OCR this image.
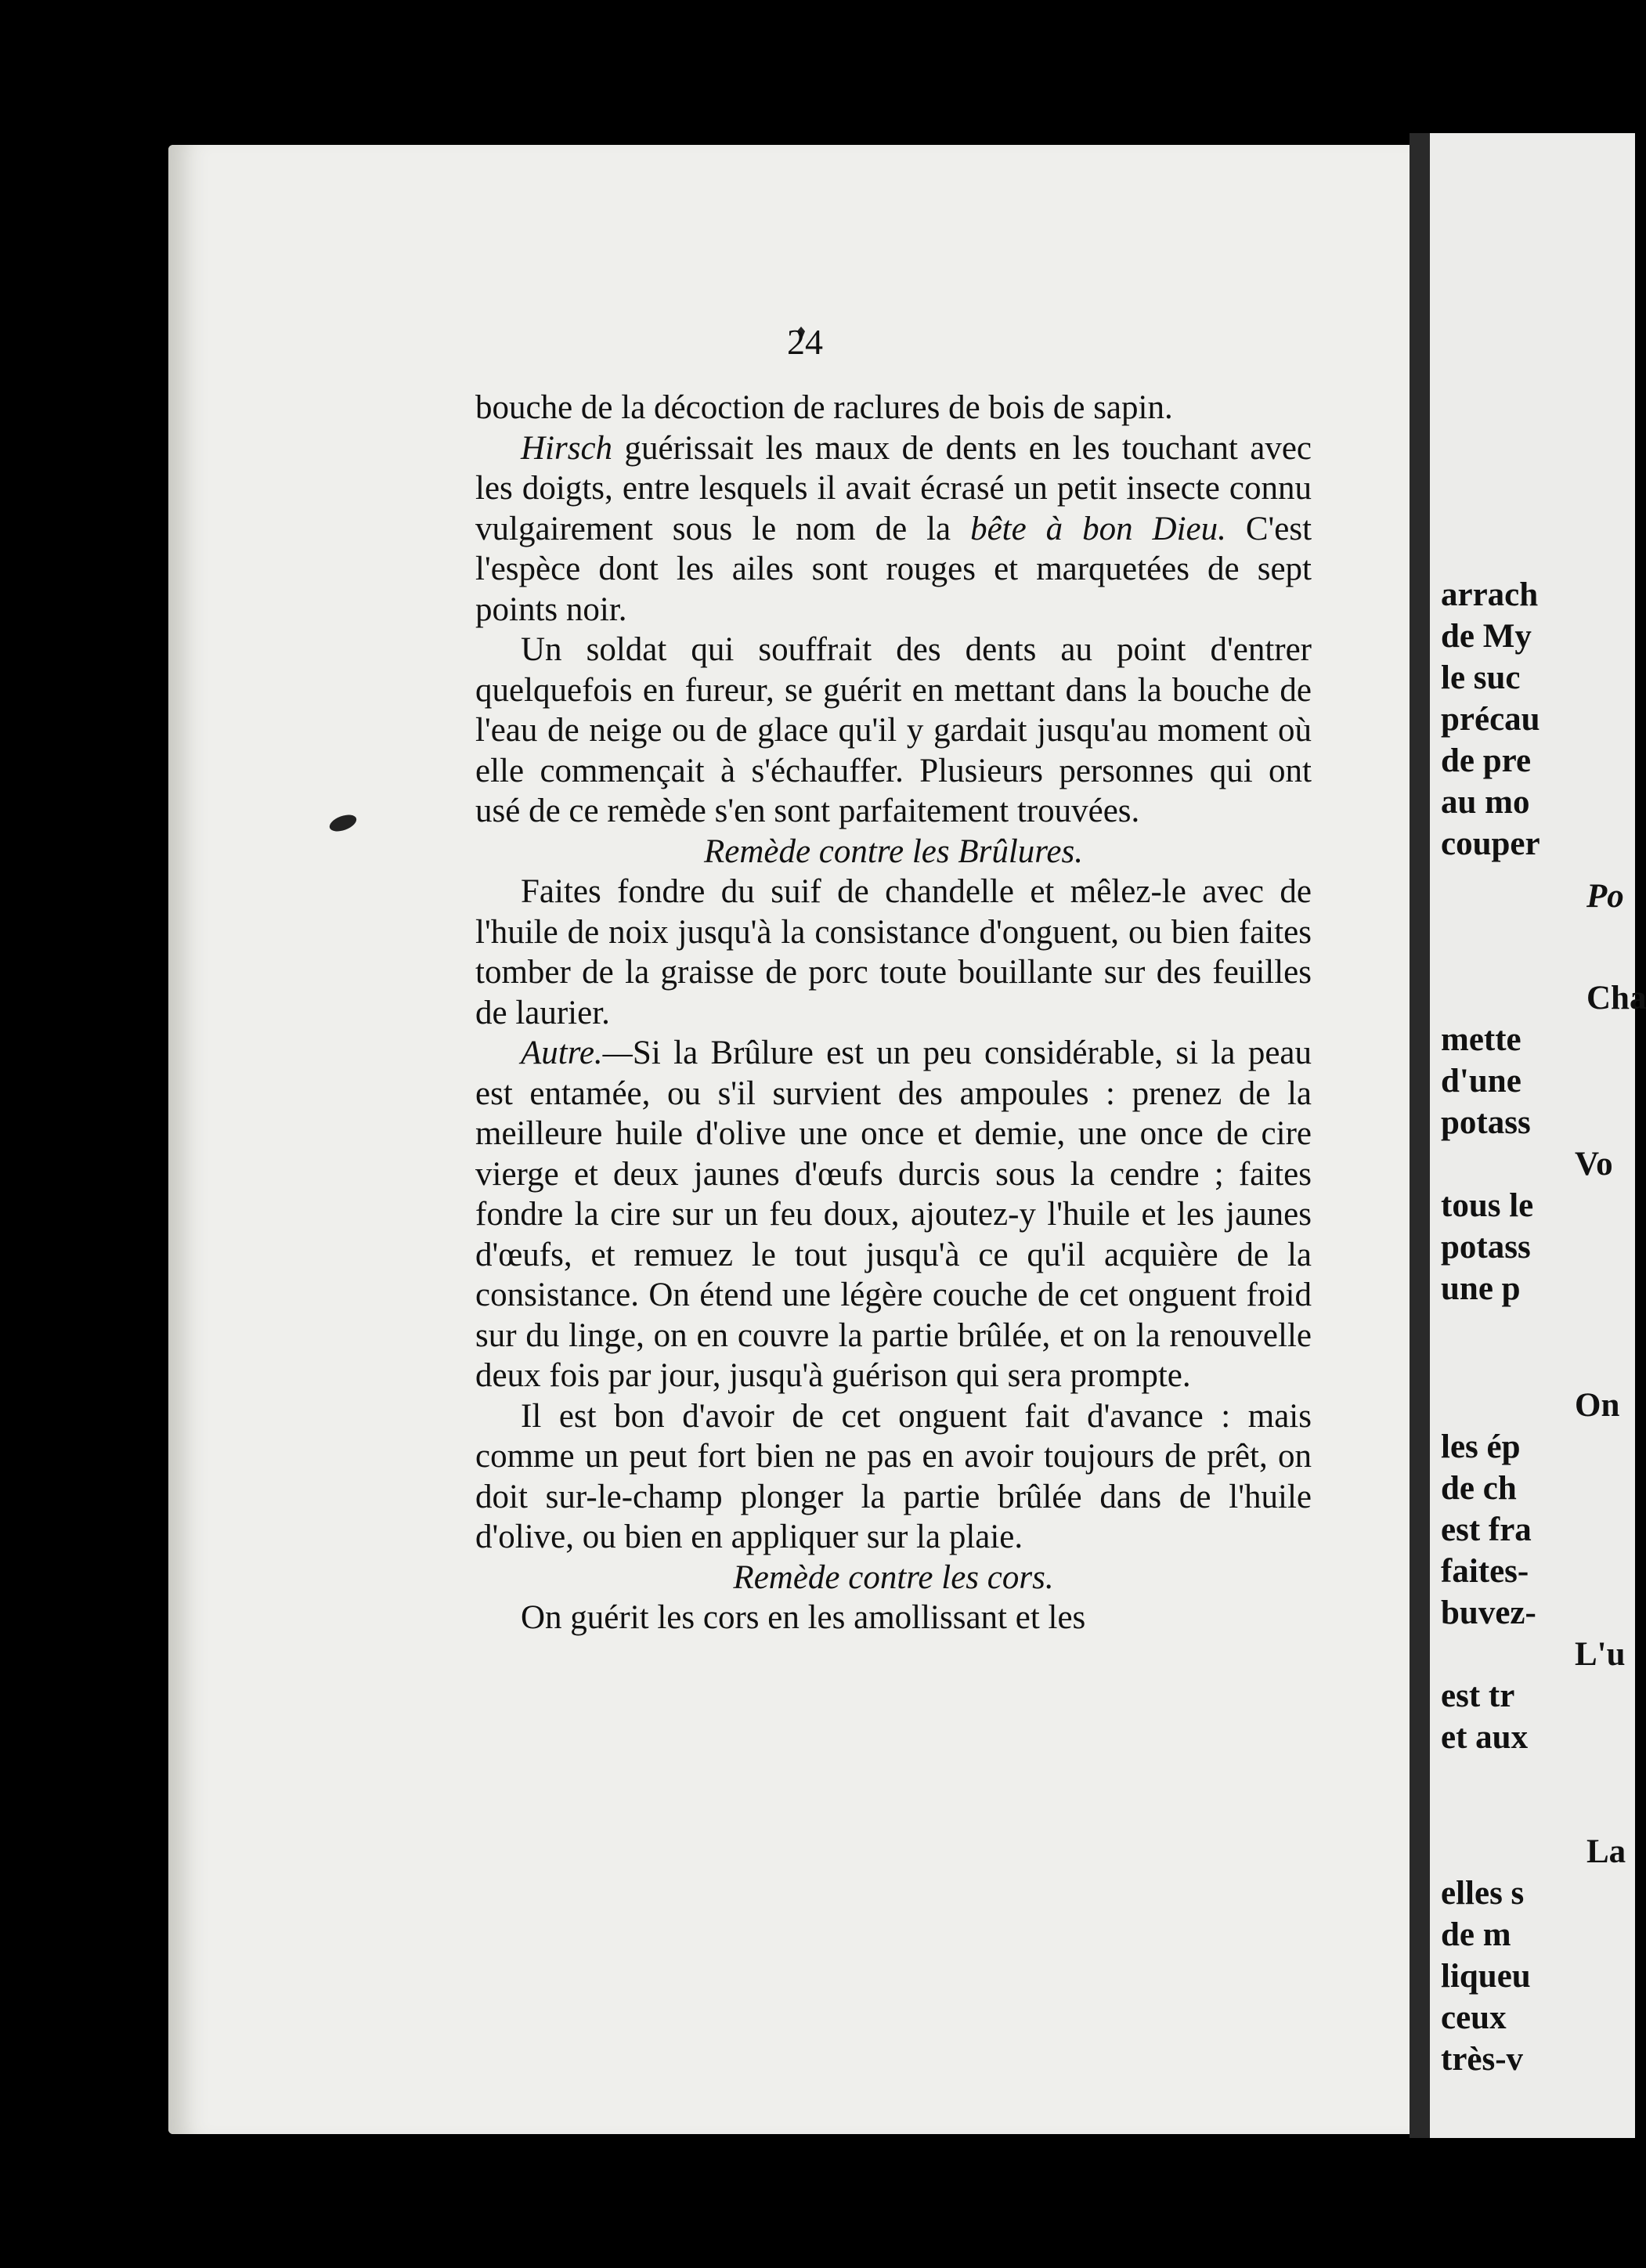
24

bouche de la décoction de raclures de bois de sapin.

Hirsch guérissait les maux de dents en les touchant avec les doigts, entre lesquels il avait écrasé un petit insecte connu vulgairement sous le nom de la bête à bon Dieu. C'est l'espèce dont les ailes sont rouges et marquetées de sept points noir.

Un soldat qui souffrait des dents au point d'entrer quelquefois en fureur, se guérit en mettant dans la bouche de l'eau de neige ou de glace qu'il y gardait jusqu'au moment où elle commençait à s'échauffer. Plusieurs personnes qui ont usé de ce remède s'en sont parfaitement trouvées.

Remède contre les Brûlures.

Faites fondre du suif de chandelle et mêlez-le avec de l'huile de noix jusqu'à la consistance d'onguent, ou bien faites tomber de la graisse de porc toute bouillante sur des feuilles de laurier.

Autre.—Si la Brûlure est un peu considérable, si la peau est entamée, ou s'il survient des ampoules : prenez de la meilleure huile d'olive une once et demie, une once de cire vierge et deux jaunes d'œufs durcis sous la cendre ; faites fondre la cire sur un feu doux, ajoutez-y l'huile et les jaunes d'œufs, et remuez le tout jusqu'à ce qu'il acquière de la consistance. On étend une légère couche de cet onguent froid sur du linge, on en couvre la partie brûlée, et on la renouvelle deux fois par jour, jusqu'à guérison qui sera prompte.

Il est bon d'avoir de cet onguent fait d'avance : mais comme un peut fort bien ne pas en avoir toujours de prêt, on doit sur-le-champ plonger la partie brûlée dans de l'huile d'olive, ou bien en appliquer sur la plaie.

Remède contre les cors.

On guérit les cors en les amollissant et les

arrach
de My
le suc
précau
de pre
au mo
couper
Po
Cha
mette
d'une
potass
Vo
tous le
potass
une p
On
les ép
de ch
est fra
faites-
buvez-
L'u
est tr
et aux
La
elles s
de m
liqueu
ceux
très-v
